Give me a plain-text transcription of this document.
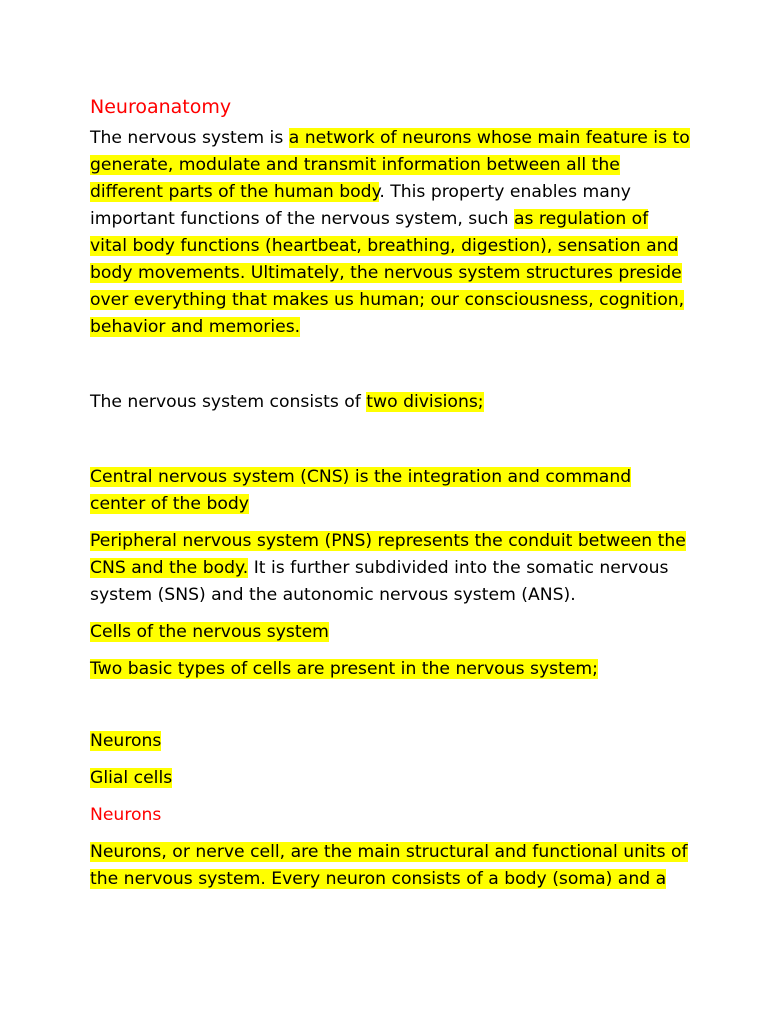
Neuroanatomy

The nervous system is a network of neurons whose main feature is to generate, modulate and transmit information between all the different parts of the human body. This property enables many important functions of the nervous system, such as regulation of vital body functions (heartbeat, breathing, digestion), sensation and body movements. Ultimately, the nervous system structures preside over everything that makes us human; our consciousness, cognition, behavior and memories.

The nervous system consists of two divisions;

Central nervous system (CNS) is the integration and command center of the body

Peripheral nervous system (PNS) represents the conduit between the CNS and the body. It is further subdivided into the somatic nervous system (SNS) and the autonomic nervous system (ANS).

Cells of the nervous system

Two basic types of cells are present in the nervous system;

Neurons

Glial cells

Neurons

Neurons, or nerve cell, are the main structural and functional units of the nervous system. Every neuron consists of a body (soma) and a
